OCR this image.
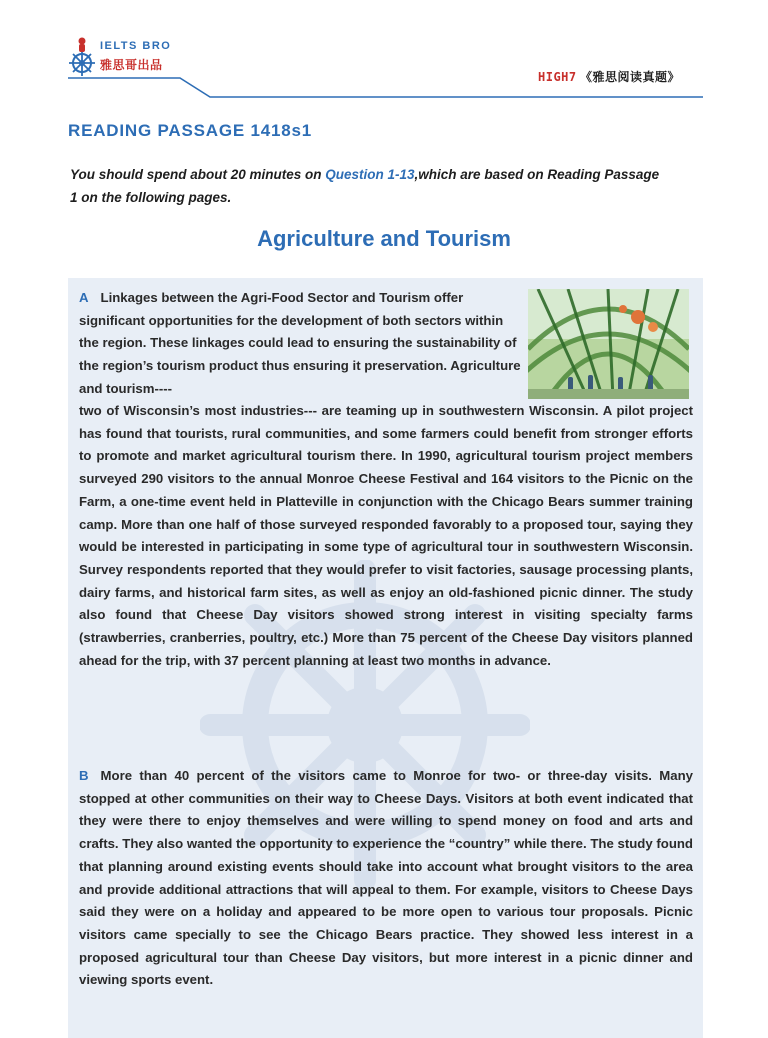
IELTS BRO
雅思哥出品
HIGH7 《雅思阅读真题》
READING PASSAGE 1418s1
You should spend about 20 minutes on Question 1-13,which are based on Reading Passage 1 on the following pages.
Agriculture and Tourism
A Linkages between the Agri-Food Sector and Tourism offer significant opportunities for the development of both sectors within the region. These linkages could lead to ensuring the sustainability of the region’s tourism product thus ensuring it preservation. Agriculture and tourism----
two of Wisconsin’s most industries--- are teaming up in southwestern Wisconsin. A pilot project has found that tourists, rural communities, and some farmers could benefit from stronger efforts to promote and market agricultural tourism there. In 1990, agricultural tourism project members surveyed 290 visitors to the annual Monroe Cheese Festival and 164 visitors to the Picnic on the Farm, a one-time event held in Platteville in conjunction with the Chicago Bears summer training camp. More than one half of those surveyed responded favorably to a proposed tour, saying they would be interested in participating in some type of agricultural tour in southwestern Wisconsin. Survey respondents reported that they would prefer to visit factories, sausage processing plants, dairy farms, and historical farm sites, as well as enjoy an old-fashioned picnic dinner. The study also found that Cheese Day visitors showed strong interest in visiting specialty farms (strawberries, cranberries, poultry, etc.) More than 75 percent of the Cheese Day visitors planned ahead for the trip, with 37 percent planning at least two months in advance.
B More than 40 percent of the visitors came to Monroe for two- or three-day visits. Many stopped at other communities on their way to Cheese Days. Visitors at both event indicated that they were there to enjoy themselves and were willing to spend money on food and arts and crafts. They also wanted the opportunity to experience the “country” while there. The study found that planning around existing events should take into account what brought visitors to the area and provide additional attractions that will appeal to them. For example, visitors to Cheese Days said they were on a holiday and appeared to be more open to various tour proposals. Picnic visitors came specially to see the Chicago Bears practice. They showed less interest in a proposed agricultural tour than Cheese Day visitors, but more interest in a picnic dinner and viewing sports event.
